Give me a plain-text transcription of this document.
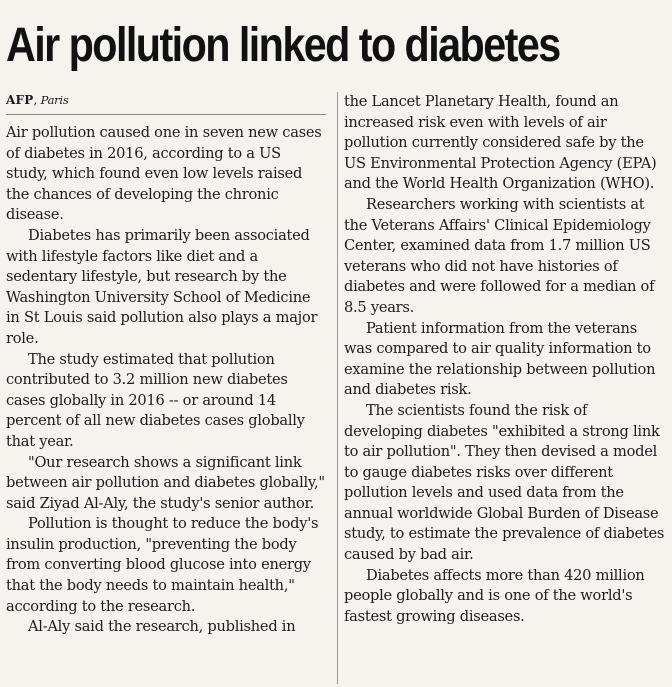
Air pollution linked to diabetes
AFP, Paris

Air pollution caused one in seven new cases of diabetes in 2016, according to a US study, which found even low levels raised the chances of developing the chronic disease.

Diabetes has primarily been associated with lifestyle factors like diet and a sedentary lifestyle, but research by the Washington University School of Medicine in St Louis said pollution also plays a major role.

The study estimated that pollution contributed to 3.2 million new diabetes cases globally in 2016 -- or around 14 percent of all new diabetes cases globally that year.

"Our research shows a significant link between air pollution and diabetes globally," said Ziyad Al-Aly, the study's senior author.

Pollution is thought to reduce the body's insulin production, "preventing the body from converting blood glucose into energy that the body needs to maintain health," according to the research.

Al-Aly said the research, published in

the Lancet Planetary Health, found an increased risk even with levels of air pollution currently considered safe by the US Environmental Protection Agency (EPA) and the World Health Organization (WHO).

Researchers working with scientists at the Veterans Affairs' Clinical Epidemiology Center, examined data from 1.7 million US veterans who did not have histories of diabetes and were followed for a median of 8.5 years.

Patient information from the veterans was compared to air quality information to examine the relationship between pollution and diabetes risk.

The scientists found the risk of developing diabetes "exhibited a strong link to air pollution". They then devised a model to gauge diabetes risks over different pollution levels and used data from the annual worldwide Global Burden of Disease study, to estimate the prevalence of diabetes caused by bad air.

Diabetes affects more than 420 million people globally and is one of the world's fastest growing diseases.
